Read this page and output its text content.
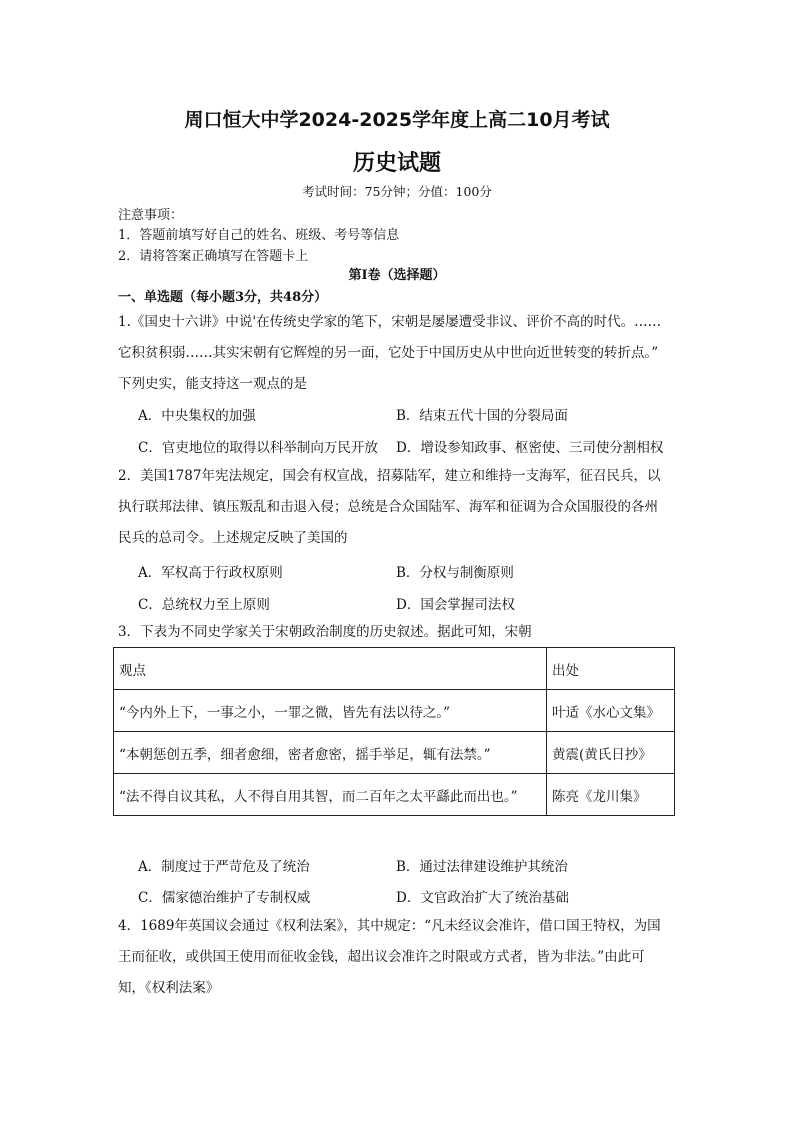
周口恒大中学2024-2025学年度上高二10月考试
历史试题
考试时间：75分钟；分值：100分
注意事项：
1．答题前填写好自己的姓名、班级、考号等信息
2．请将答案正确填写在答题卡上
第I卷（选择题）
一、单选题（每小题3分，共48分）
1.《国史十六讲》中说'在传统史学家的笔下，宋朝是屡屡遭受非议、评价不高的时代。……
它积贫积弱……其实宋朝有它辉煌的另一面，它处于中国历史从中世向近世转变的转折点。”
下列史实，能支持这一观点的是
A．中央集权的加强	B．结束五代十国的分裂局面
C．官吏地位的取得以科举制向万民开放 D．增设参知政事、枢密使、三司使分割相权
2．美国1787年宪法规定，国会有权宣战，招募陆军，建立和维持一支海军，征召民兵，以
执行联邦法律、镇压叛乱和击退入侵；总统是合众国陆军、海军和征调为合众国服役的各州
民兵的总司令。上述规定反映了美国的
A．军权高于行政权原则	B．分权与制衡原则
C．总统权力至上原则	D．国会掌握司法权
3．下表为不同史学家关于宋朝政治制度的历史叙述。据此可知，宋朝
观点	出处
“今内外上下，一事之小，一罪之微，皆先有法以待之。”	叶适《水心文集》
“本朝惩创五季，细者愈细，密者愈密，摇手举足，辄有法禁。”	黄震(黄氏日抄》
“法不得自议其私，人不得自用其智，而二百年之太平繇此而出也。”	陈亮《龙川集》
A．制度过于严苛危及了统治	B．通过法律建设维护其统治
C．儒家德治维护了专制权威	D．文官政治扩大了统治基础
4．1689年英国议会通过《权利法案》，其中规定：“凡未经议会准许，借口国王特权，为国
王而征收，或供国王使用而征收金钱，超出议会准许之时限或方式者，皆为非法。”由此可
知，《权利法案》
